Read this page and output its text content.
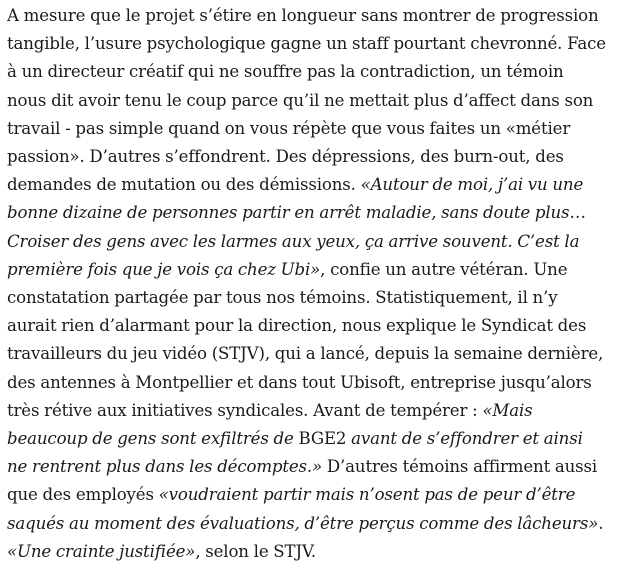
A mesure que le projet s’étire en longueur sans montrer de progression tangible, l’usure psychologique gagne un staff pourtant chevronné. Face à un directeur créatif qui ne souffre pas la contradiction, un témoin nous dit avoir tenu le coup parce qu’il ne mettait plus d’affect dans son travail - pas simple quand on vous répète que vous faites un «métier passion». D’autres s’effondrent. Des dépressions, des burn-out, des demandes de mutation ou des démissions. «Autour de moi, j’ai vu une bonne dizaine de personnes partir en arrêt maladie, sans doute plus… Croiser des gens avec les larmes aux yeux, ça arrive souvent. C’est la première fois que je vois ça chez Ubi», confie un autre vétéran. Une constatation partagée par tous nos témoins. Statistiquement, il n’y aurait rien d’alarmant pour la direction, nous explique le Syndicat des travailleurs du jeu vidéo (STJV), qui a lancé, depuis la semaine dernière, des antennes à Montpellier et dans tout Ubisoft, entreprise jusqu’alors très rétive aux initiatives syndicales. Avant de tempérer : «Mais beaucoup de gens sont exfiltrés de BGE2 avant de s’effondrer et ainsi ne rentrent plus dans les décomptes.» D’autres témoins affirment aussi que des employés «voudraient partir mais n’osent pas de peur d’être saqués au moment des évaluations, d’être perçus comme des lâcheurs». «Une crainte justifiée», selon le STJV.
